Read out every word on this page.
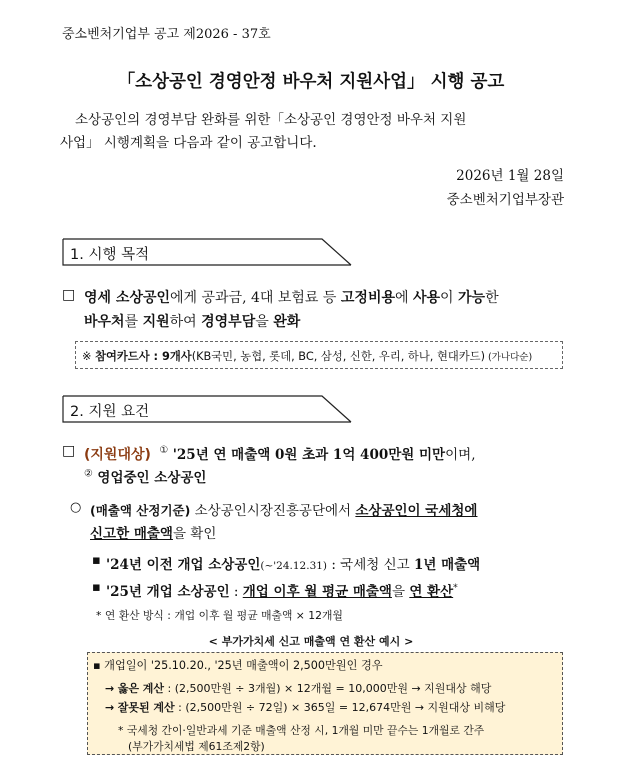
중소벤처기업부 공고 제2026 - 37호
「소상공인 경영안정 바우처 지원사업」 시행 공고
소상공인의 경영부담 완화를 위한「소상공인 경영안정 바우처 지원
사업」 시행계획을 다음과 같이 공고합니다.
2026년 1월 28일
중소벤처기업부장관
1. 시행 목적
□ 영세 소상공인에게 공과금, 4대 보험료 등 고정비용에 사용이 가능한
바우처를 지원하여 경영부담을 완화
※ 참여카드사 : 9개사(KB국민, 농협, 롯데, BC, 삼성, 신한, 우리, 하나, 현대카드) (가나다순)
2. 지원 요건
□ (지원대상) ① '25년 연 매출액 0원 초과 1억 400만원 미만이며,
② 영업중인 소상공인
○ (매출액 산정기준) 소상공인시장진흥공단에서 소상공인이 국세청에
신고한 매출액을 확인
▪ '24년 이전 개업 소상공인(~'24.12.31) : 국세청 신고 1년 매출액
▪ '25년 개업 소상공인 : 개업 이후 월 평균 매출액을 연 환산*
* 연 환산 방식 : 개업 이후 월 평균 매출액 × 12개월
< 부가가치세 신고 매출액 연 환산 예시 >
▪ 개업일이 '25.10.20., '25년 매출액이 2,500만원인 경우
→ 옳은 계산 : (2,500만원 ÷ 3개월) × 12개월 = 10,000만원 → 지원대상 해당
→ 잘못된 계산 : (2,500만원 ÷ 72일) × 365일 = 12,674만원 → 지원대상 비해당
* 국세청 간이·일반과세 기준 매출액 산정 시, 1개월 미만 끝수는 1개월로 간주
(부가가치세법 제61조제2항)
